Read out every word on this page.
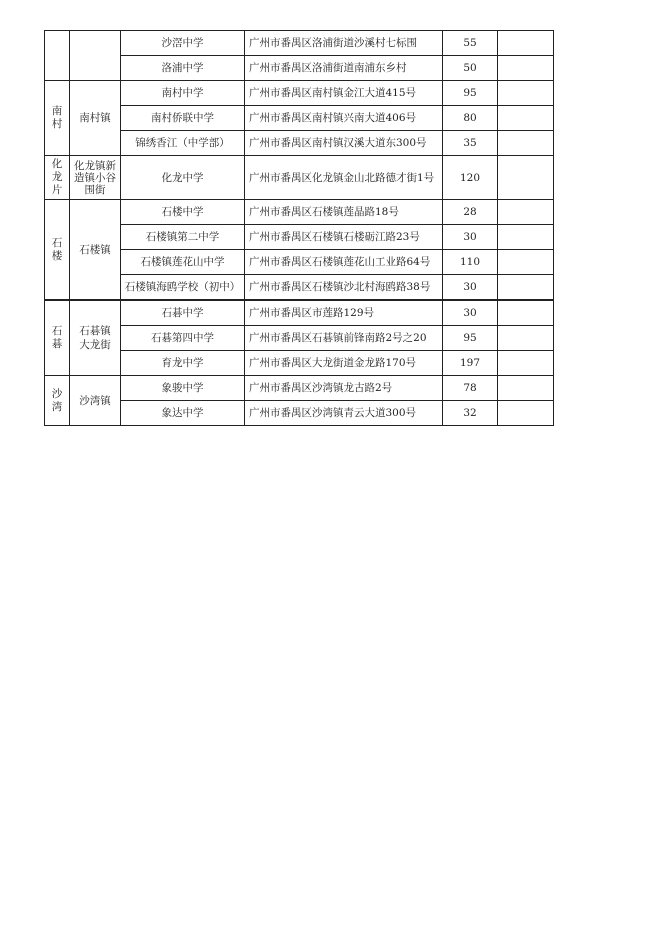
		沙滘中学	广州市番禺区洛浦街道沙溪村七标围	55	
		洛浦中学	广州市番禺区洛浦街道南浦东乡村	50	
南村	南村镇	南村中学	广州市番禺区南村镇金江大道415号	95	
		南村侨联中学	广州市番禺区南村镇兴南大道406号	80	
		锦绣香江（中学部）	广州市番禺区南村镇汉溪大道东300号	35	
化龙片	化龙镇新造镇小谷围街	化龙中学	广州市番禺区化龙镇金山北路德才街1号	120	
石楼	石楼镇	石楼中学	广州市番禺区石楼镇莲晶路18号	28	
		石楼镇第二中学	广州市番禺区石楼镇石楼砺江路23号	30	
		石楼镇莲花山中学	广州市番禺区石楼镇莲花山工业路64号	110	
		石楼镇海鸥学校（初中）	广州市番禺区石楼镇沙北村海鸥路38号	30	
石碁	石碁镇大龙街	石碁中学	广州市番禺区市莲路129号	30	
		石碁第四中学	广州市番禺区石碁镇前锋南路2号之20	95	
		育龙中学	广州市番禺区大龙街道金龙路170号	197	
沙湾	沙湾镇	象骏中学	广州市番禺区沙湾镇龙古路2号	78	
		象达中学	广州市番禺区沙湾镇青云大道300号	32	
